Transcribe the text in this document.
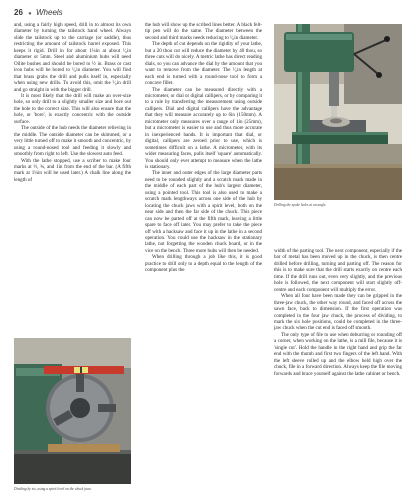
26 ● Wheels

and, using a fairly high speed, drill in to almost its own diameter by turning the tailstock hand wheel. Always slide the tailstock up to the carriage (or saddle), thus restricting the amount of tailstock barrel exposed. This keeps it rigid. Drill in for about 1¼in at about ¹⁄₆in diameter or 5mm. Steel and aluminium hubs will need Oilite bushes and should be bored to ½ in. Brass or cast iron hubs will be bored to ¹⁄₆in diameter. You will find that brass grabs the drill and pulls itself in, especially when using new drills. To avoid this, omit the ⁵⁄₆in drill and go straight in with the bigger drill.

It is most likely that the drill will make an over-size hole, so only drill to a slightly smaller size and bore out the hole to the correct size. This will also ensure that the hole, or 'bore', is exactly concentric with the outside surface.

The outside of the hub needs the diameter relieving in the middle. The outside diameter can be skimmed, or a very little turned off to make it smooth and concentric, by using a round-nosed tool and feeding it slowly and smoothly from right to left. Use the slowest auto feed.

With the lathe stopped, use a scriber to make four marks at ½, ¾, and 1in from the end of the bar. (A fifth mark at 1¼in will be used later.) A chalk line along the length of

the hub will show up the scribed lines better. A black felt-tip pen will do the same. The diameter between the second and third marks needs reducing to ¹⁄₆in diameter.

The depth of cut depends on the rigidity of your lathe, but a 20 thou cut will reduce the diameter by 40 thou, so three cuts will do nicely. A metric lathe has direct reading dials, so you can advance the dial by the amount that you want to remove from the diameter. The ¹⁄₆in length at each end is turned with a round-nose tool to form a concave fillet.

The diameter can be measured directly with a micrometer, or dial or digital callipers, or by comparing it to a rule by transferring the measurement using outside callipers. Dial and digital callipers have the advantage that they will measure accurately up to 6in (150mm). A micrometer only measures over a range of 1in (25mm), but a micrometer is easier to use and thus more accurate in inexperienced hands. It is important that dial, or digital, callipers are zeroed prior to use, which is sometimes difficult on a lathe. A micrometer, with its wider measuring faces, pulls itself 'square' automatically. You should only ever attempt to measure when the lathe is stationary.

The inner and outer edges of the large diameter parts need to be rounded slightly and a scratch mark made in the middle of each part of the hub's largest diameter, using a pointed tool. This tool is also used to make a scratch mark lengthways across one side of the hub by locating the chuck jaws with a spirit level, both on the near side and then the far side of the chuck. This piece can now be parted off at the fifth mark, leaving a little spare to face off later. You may prefer to take the piece off with a hacksaw and face it up in the lathe in a second operation. You could use the hacksaw in the stationary lathe, not forgetting the wooden chuck board, or in the vice on the bench. Three more hubs will then be needed.

When drilling through a job like this, it is good practice to drill only to a depth equal to the length of the component plus the

width of the parting tool. The next component, especially if the bar of metal has been moved up in the chuck, is then centre drilled before drilling, turning and parting off. The reason for this is to make sure that the drill starts exactly on centre each time. If the drill runs out, even very slightly, and the previous hole is followed, the next component will start slightly off-centre and each component will multiply the error.

When all four have been made they can be gripped in the three-jaw chuck, the other way round, and faced off across the sawn face, back to dimension. If the first operation was completed in the four jaw chuck, the process of dividing, to mark the six hole positions, could be completed in the three-jaw chuck when the cut end is faced off smooth.

The only type of file to use when deburring or rounding off a corner, when working on the lathe, is a mill file, because it is 'single cut'. Hold the handle in the right hand and grip the far end with the thumb and first two fingers of the left hand. With the left sleeve rolled up and the elbow held high over the chuck, file in a forward direction. Always keep the file moving forwards and brace yourself against the lathe cabinet or bench.

Drilling the spoke holes at an angle.
Dividing by six, using a spirit level on the chuck jaws.
